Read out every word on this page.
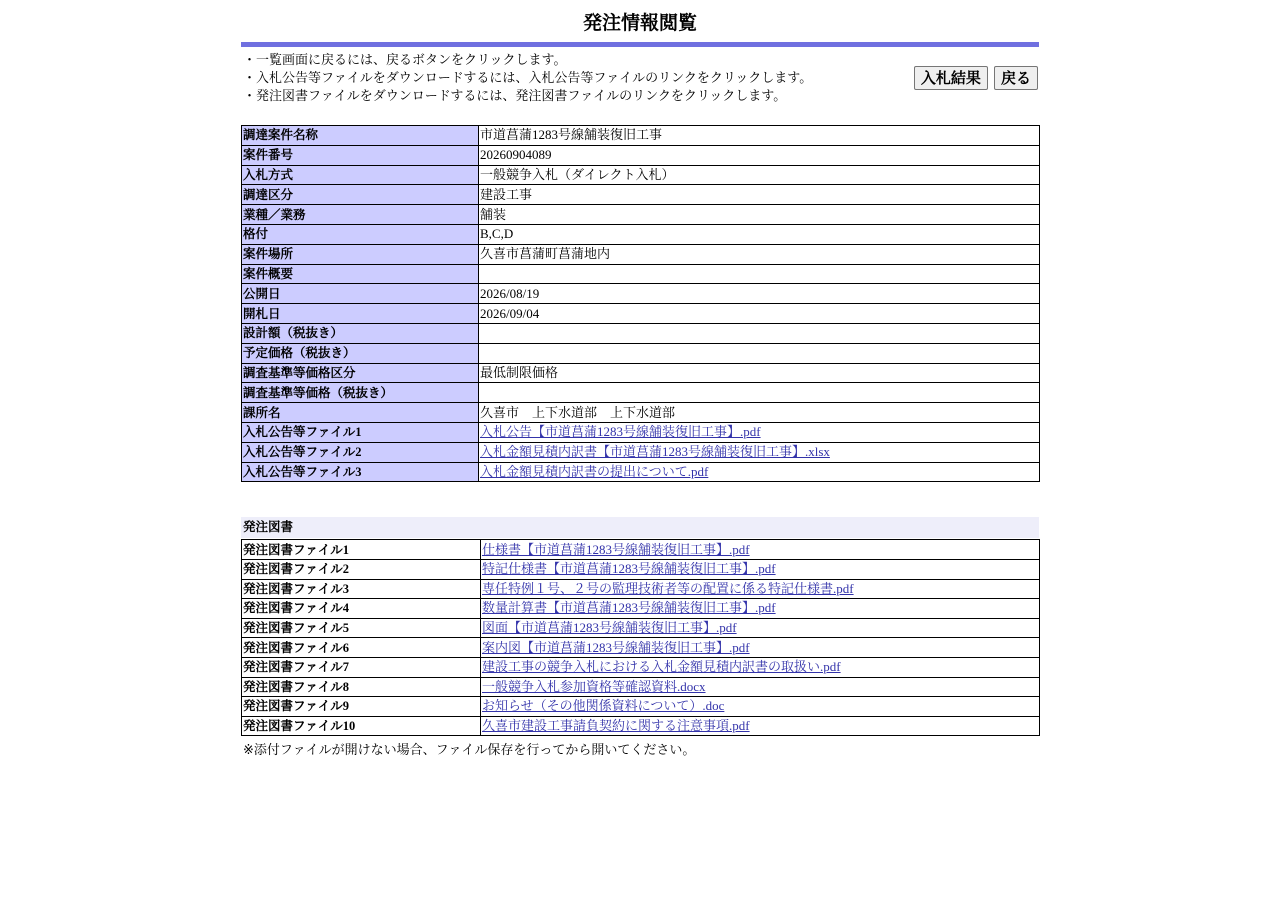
発注情報閲覧
・一覧画面に戻るには、戻るボタンをクリックします。
・入札公告等ファイルをダウンロードするには、入札公告等ファイルのリンクをクリックします。
・発注図書ファイルをダウンロードするには、発注図書ファイルのリンクをクリックします。
入札結果 戻る
調達案件名称	市道菖蒲1283号線舗装復旧工事
案件番号	20260904089
入札方式	一般競争入札（ダイレクト入札）
調達区分	建設工事
業種／業務	舗装
格付	B,C,D
案件場所	久喜市菖蒲町菖蒲地内
案件概要	
公開日	2026/08/19
開札日	2026/09/04
設計額（税抜き）	
予定価格（税抜き）	
調査基準等価格区分	最低制限価格
調査基準等価格（税抜き）	
課所名	久喜市　上下水道部　上下水道部
入札公告等ファイル1	入札公告【市道菖蒲1283号線舗装復旧工事】.pdf
入札公告等ファイル2	入札金額見積内訳書【市道菖蒲1283号線舗装復旧工事】.xlsx
入札公告等ファイル3	入札金額見積内訳書の提出について.pdf
発注図書
発注図書ファイル1	仕様書【市道菖蒲1283号線舗装復旧工事】.pdf
発注図書ファイル2	特記仕様書【市道菖蒲1283号線舗装復旧工事】.pdf
発注図書ファイル3	専任特例１号、２号の監理技術者等の配置に係る特記仕様書.pdf
発注図書ファイル4	数量計算書【市道菖蒲1283号線舗装復旧工事】.pdf
発注図書ファイル5	図面【市道菖蒲1283号線舗装復旧工事】.pdf
発注図書ファイル6	案内図【市道菖蒲1283号線舗装復旧工事】.pdf
発注図書ファイル7	建設工事の競争入札における入札金額見積内訳書の取扱い.pdf
発注図書ファイル8	一般競争入札参加資格等確認資料.docx
発注図書ファイル9	お知らせ（その他関係資料について）.doc
発注図書ファイル10	久喜市建設工事請負契約に関する注意事項.pdf
※添付ファイルが開けない場合、ファイル保存を行ってから開いてください。
